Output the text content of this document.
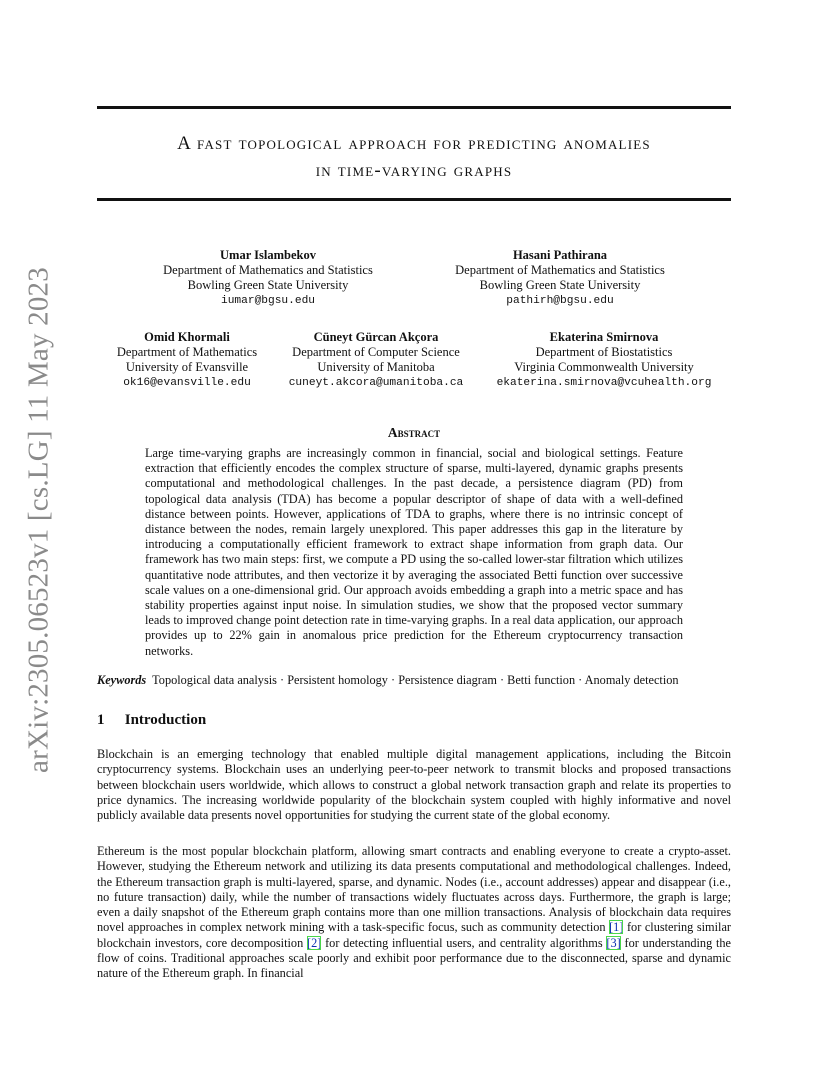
arXiv:2305.06523v1 [cs.LG] 11 May 2023
A fast topological approach for predicting anomalies
in time-varying graphs
Umar Islambekov
Department of Mathematics and Statistics
Bowling Green State University
iumar@bgsu.edu
Hasani Pathirana
Department of Mathematics and Statistics
Bowling Green State University
pathirh@bgsu.edu
Omid Khormali
Department of Mathematics
University of Evansville
ok16@evansville.edu
Cüneyt Gürcan Akçora
Department of Computer Science
University of Manitoba
cuneyt.akcora@umanitoba.ca
Ekaterina Smirnova
Department of Biostatistics
Virginia Commonwealth University
ekaterina.smirnova@vcuhealth.org
Abstract

Large time-varying graphs are increasingly common in financial, social and biological settings. Feature extraction that efficiently encodes the complex structure of sparse, multi-layered, dynamic graphs presents computational and methodological challenges. In the past decade, a persistence diagram (PD) from topological data analysis (TDA) has become a popular descriptor of shape of data with a well-defined distance between points. However, applications of TDA to graphs, where there is no intrinsic concept of distance between the nodes, remain largely unexplored. This paper addresses this gap in the literature by introducing a computationally efficient framework to extract shape information from graph data. Our framework has two main steps: first, we compute a PD using the so-called lower-star filtration which utilizes quantitative node attributes, and then vectorize it by averaging the associated Betti function over successive scale values on a one-dimensional grid. Our approach avoids embedding a graph into a metric space and has stability properties against input noise. In simulation studies, we show that the proposed vector summary leads to improved change point detection rate in time-varying graphs. In a real data application, our approach provides up to 22% gain in anomalous price prediction for the Ethereum cryptocurrency transaction networks.

Keywords Topological data analysis · Persistent homology · Persistence diagram · Betti function · Anomaly detection
1 Introduction

Blockchain is an emerging technology that enabled multiple digital management applications, including the Bitcoin cryptocurrency systems. Blockchain uses an underlying peer-to-peer network to transmit blocks and proposed transactions between blockchain users worldwide, which allows to construct a global network transaction graph and relate its properties to price dynamics. The increasing worldwide popularity of the blockchain system coupled with highly informative and novel publicly available data presents novel opportunities for studying the current state of the global economy.

Ethereum is the most popular blockchain platform, allowing smart contracts and enabling everyone to create a crypto-asset. However, studying the Ethereum network and utilizing its data presents computational and methodological challenges. Indeed, the Ethereum transaction graph is multi-layered, sparse, and dynamic. Nodes (i.e., account addresses) appear and disappear (i.e., no future transaction) daily, while the number of transactions widely fluctuates across days. Furthermore, the graph is large; even a daily snapshot of the Ethereum graph contains more than one million transactions. Analysis of blockchain data requires novel approaches in complex network mining with a task-specific focus, such as community detection [ 1 ] for clustering similar blockchain investors, core decomposition [ 2 ] for detecting influential users, and centrality algorithms [ 3 ] for understanding the flow of coins. Traditional approaches scale poorly and exhibit poor performance due to the disconnected, sparse and dynamic nature of the Ethereum graph. In financial
